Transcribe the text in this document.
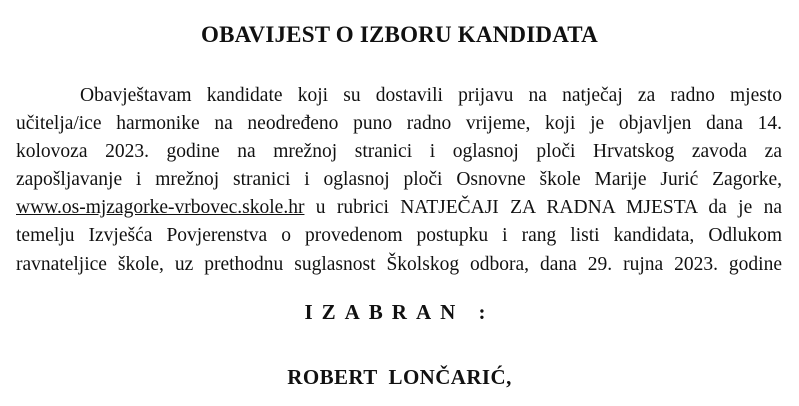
OBAVIJEST O IZBORU KANDIDATA
Obavještavam kandidate koji su dostavili prijavu na natječaj za radno mjesto
učitelja/ice harmonike na neodređeno puno radno vrijeme, koji je objavljen dana 14.
kolovoza 2023. godine na mrežnoj stranici i oglasnoj ploči Hrvatskog zavoda za
zapošljavanje i mrežnoj stranici i oglasnoj ploči Osnovne škole Marije Jurić Zagorke,
www.os-mjzagorke-vrbovec.skole.hr u rubrici NATJEČAJI ZA RADNA MJESTA da je na
temelju Izvješća Povjerenstva o provedenom postupku i rang listi kandidata, Odlukom
ravnateljice škole, uz prethodnu suglasnost Školskog odbora, dana 29. rujna 2023. godine
IZABRAN :
ROBERT  LONČARIĆ,
